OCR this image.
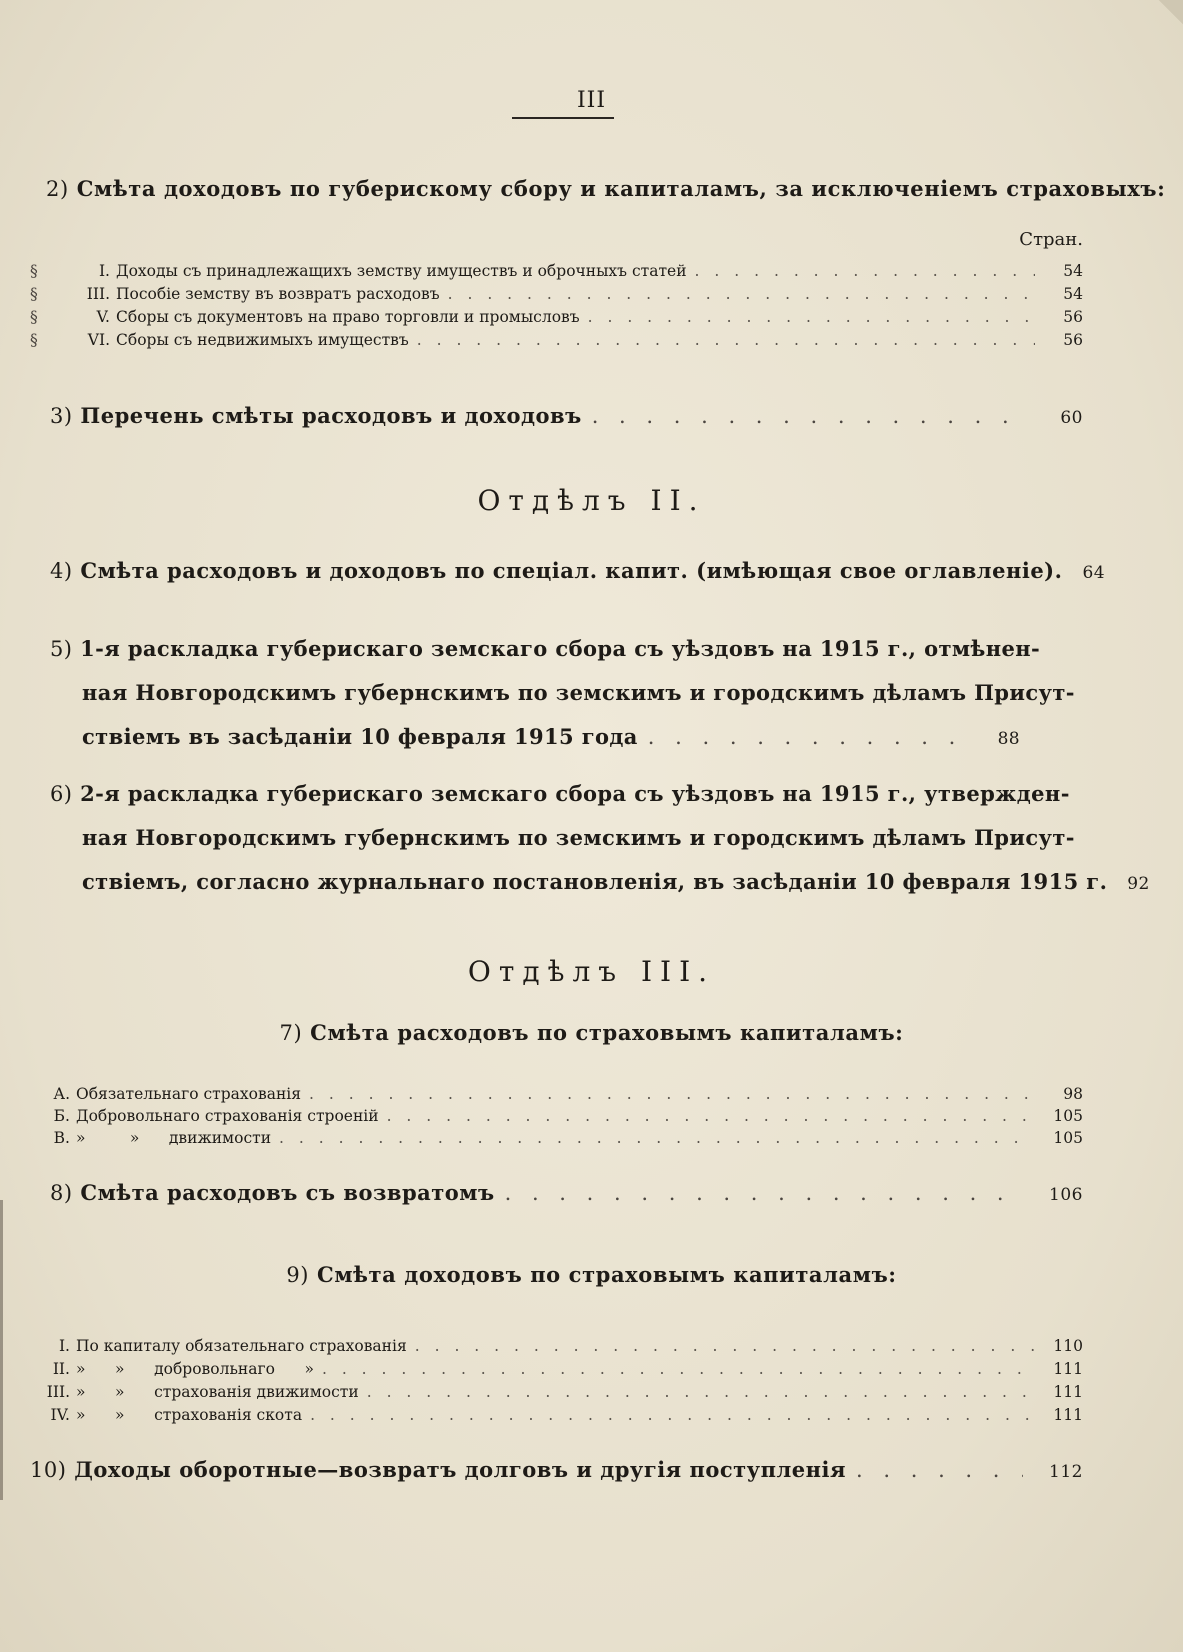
III
2) Смѣта доходовъ по губерискому сбору и капиталамъ, за исключеніемъ страховыхъ:
Стран.
§	I. Доходы съ принадлежащихъ земству имуществъ и оброчныхъ статей . . .	54
§	III. Пособіе земству въ возвратъ расходовъ . . .	54
§	V. Сборы съ документовъ на право торговли и промысловъ . . .	56
§	VI. Сборы съ недвижимыхъ имуществъ . . .	56
3)
Перечень смѣты расходовъ и доходовъ . . .	60
Отдѣлъ II.
4)
Смѣта расходовъ и доходовъ по спеціал. капит. (имѣющая свое оглавленіе). 64
5) 1-я раскладка губерискаго земскаго сбора съ уѣздовъ на 1915 г., отмѣнен-
ная Новгородскимъ губернскимъ по земскимъ и городскимъ дѣламъ Присут-
ствіемъ въ засѣданіи 10 февраля 1915 года . . .	88
6) 2-я раскладка губерискаго земскаго сбора съ уѣздовъ на 1915 г., утвержден-
ная Новгородскимъ губернскимъ по земскимъ и городскимъ дѣламъ Присут-
ствіемъ, согласно журнальнаго постановленія, въ засѣданіи 10 февраля 1915 г. 92
Отдѣлъ III.
7) Смѣта расходовъ по страховымъ капиталамъ:
А. Обязательнаго страхованія . . .	98
Б. Добровольнаго страхованія строеній . . .	105
В. »         »      движимости . . .	105
8)
Смѣта расходовъ съ возвратомъ . . .	106
9) Смѣта доходовъ по страховымъ капиталамъ:
I. По капиталу обязательнаго страхованія . . .	110
II. »      »      добровольнаго      » . . .	111
III. »      »      страхованія движимости . . .	111
IV. »      »      страхованія скота . . .	111
10)
Доходы оборотные—возвратъ долговъ и другія поступленія . . .	112
